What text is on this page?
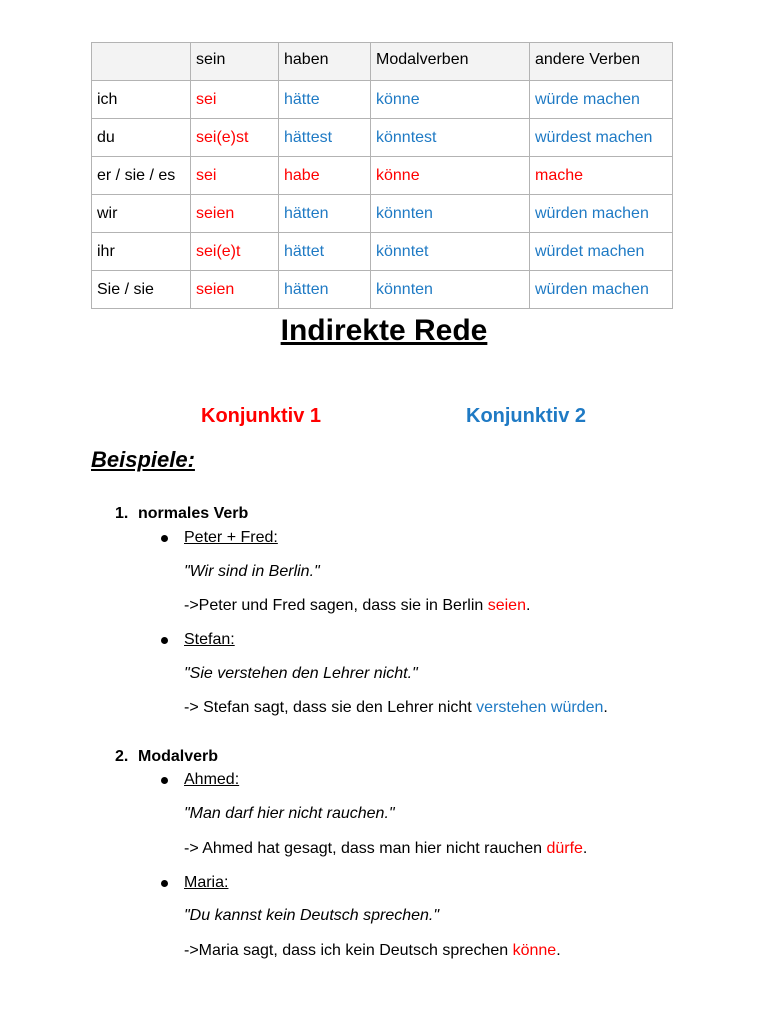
	sein	haben	Modalverben	andere Verben
ich	sei	hätte	könne	würde machen
du	sei(e)st	hättest	könntest	würdest machen
er / sie / es	sei	habe	könne	mache
wir	seien	hätten	könnten	würden machen
ihr	sei(e)t	hättet	könntet	würdet machen
Sie / sie	seien	hätten	könnten	würden machen
Indirekte Rede
Konjunktiv 1	Konjunktiv 2
Beispiele:
1. normales Verb
Peter + Fred:
"Wir sind in Berlin."
->Peter und Fred sagen, dass sie in Berlin seien.
Stefan:
"Sie verstehen den Lehrer nicht."
-> Stefan sagt, dass sie den Lehrer nicht verstehen würden.
2. Modalverb
Ahmed:
"Man darf hier nicht rauchen."
-> Ahmed hat gesagt, dass man hier nicht rauchen dürfe.
Maria:
"Du kannst kein Deutsch sprechen."
->Maria sagt, dass ich kein Deutsch sprechen könne.
